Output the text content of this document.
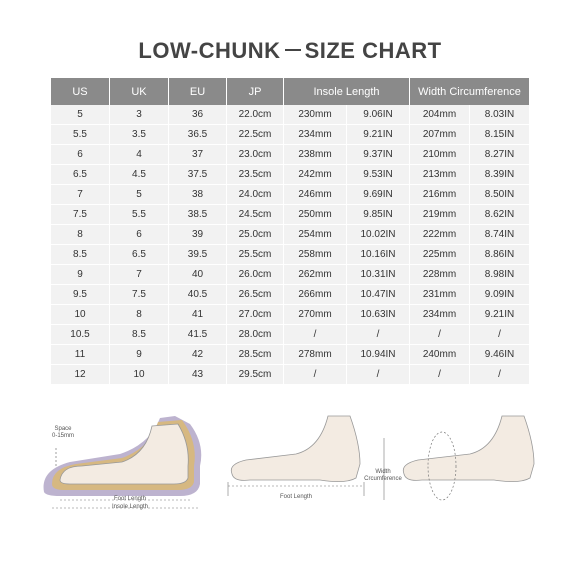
LOW-CHUNK SIZE CHART
US	UK	EU	JP	Insole Length		Width Circumference	
5	3	36	22.0cm	230mm	9.06IN	204mm	8.03IN
5.5	3.5	36.5	22.5cm	234mm	9.21IN	207mm	8.15IN
6	4	37	23.0cm	238mm	9.37IN	210mm	8.27IN
6.5	4.5	37.5	23.5cm	242mm	9.53IN	213mm	8.39IN
7	5	38	24.0cm	246mm	9.69IN	216mm	8.50IN
7.5	5.5	38.5	24.5cm	250mm	9.85IN	219mm	8.62IN
8	6	39	25.0cm	254mm	10.02IN	222mm	8.74IN
8.5	6.5	39.5	25.5cm	258mm	10.16IN	225mm	8.86IN
9	7	40	26.0cm	262mm	10.31IN	228mm	8.98IN
9.5	7.5	40.5	26.5cm	266mm	10.47IN	231mm	9.09IN
10	8	41	27.0cm	270mm	10.63IN	234mm	9.21IN
10.5	8.5	41.5	28.0cm	/	/	/	/
11	9	42	28.5cm	278mm	10.94IN	240mm	9.46IN
12	10	43	29.5cm	/	/	/	/
Space
0-15mm
Foot Length
Insole Length
Foot Length
Width
Crcumference
